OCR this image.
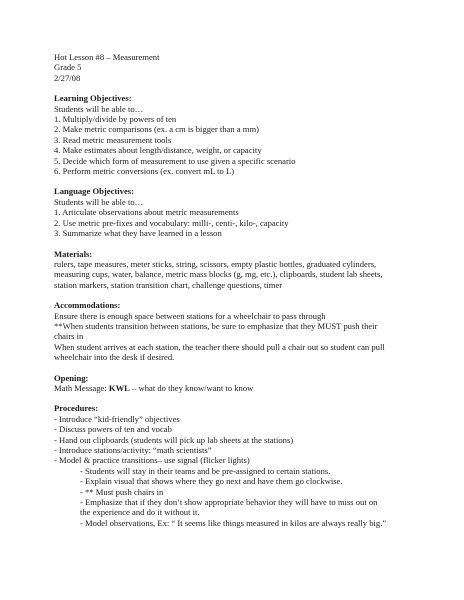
Hot Lesson #8 – Measurement
Grade 5
2/27/08
Learning Objectives:
Students will be able to…
1. Multiply/divide by powers of ten
2. Make metric comparisons (ex. a cm is bigger than a mm)
3. Read metric measurement tools
4. Make estimates about length/distance, weight, or capacity
5. Decide which form of measurement to use given a specific scenario
6. Perform metric conversions (ex. convert mL to L)
Language Objectives:
Students will be able to…
1. Articulate observations about metric measurements
2. Use metric pre-fixes and vocabulary: milli-, centi-, kilo-, capacity
3. Summarize what they have learned in a lesson
Materials:
rulers, tape measures, meter sticks, string, scissors, empty plastic bottles, graduated cylinders,
measuring cups, water, balance, metric mass blocks (g, mg, etc.), clipboards, student lab sheets,
station markers, station transition chart, challenge questions, timer
Accommodations:
Ensure there is enough space between stations for a wheelchair to pass through
**When students transition between stations, be sure to emphasize that they MUST push their
chairs in
When student arrives at each station, the teacher there should pull a chair out so student can pull
wheelchair into the desk if desired.
Opening:
Math Message: KWL – what do they know/want to know
Procedures:
- Introduce “kid-friendly” objectives
- Discuss powers of ten and vocab
- Hand out clipboards (students will pick up lab sheets at the stations)
- Introduce stations/activity: “math scientists”
- Model & practice transitions– use signal (flicker lights)
- Students will stay in their teams and be pre-assigned to certain stations.
- Explain visual that shows where they go next and have them go clockwise.
- ** Must push chairs in
- Emphasize that if they don’t show appropriate behavior they will have to miss out on
the experience and do it without it.
- Model observations, Ex: “ It seems like things measured in kilos are always really big.”
